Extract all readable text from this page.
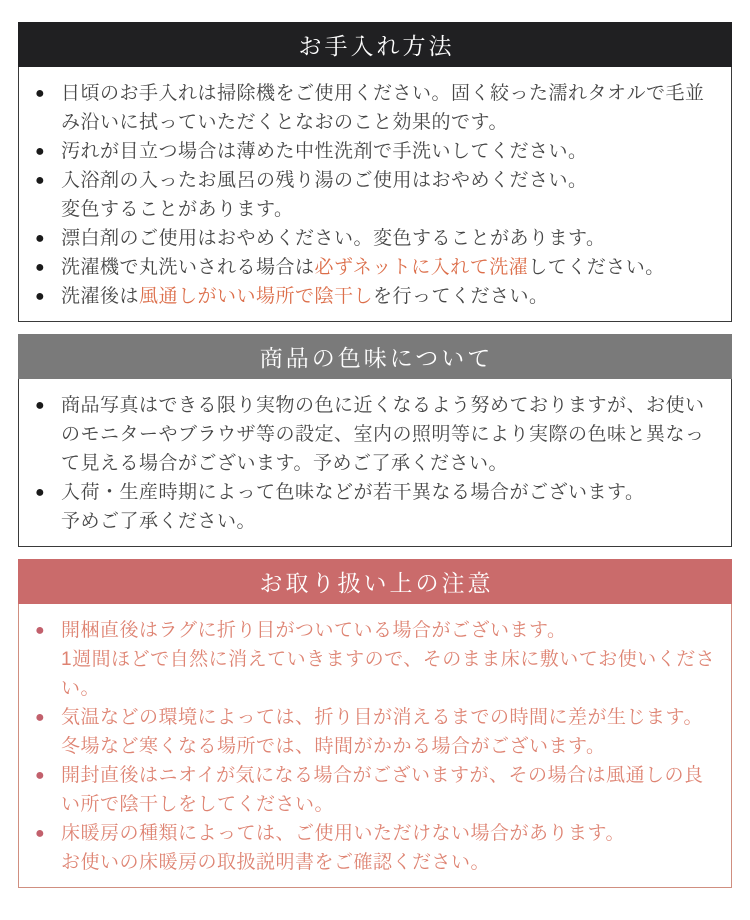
お手入れ方法
● 日頃のお手入れは掃除機をご使用ください。固く絞った濡れタオルで毛並み沿いに拭っていただくとなおのこと効果的です。
● 汚れが目立つ場合は薄めた中性洗剤で手洗いしてください。
● 入浴剤の入ったお風呂の残り湯のご使用はおやめください。
変色することがあります。
● 漂白剤のご使用はおやめください。変色することがあります。
● 洗濯機で丸洗いされる場合は必ずネットに入れて洗濯してください。
● 洗濯後は風通しがいい場所で陰干しを行ってください。
商品の色味について
● 商品写真はできる限り実物の色に近くなるよう努めておりますが、お使いのモニターやブラウザ等の設定、室内の照明等により実際の色味と異なって見える場合がございます。予めご了承ください。
● 入荷・生産時期によって色味などが若干異なる場合がございます。
予めご了承ください。
お取り扱い上の注意
● 開梱直後はラグに折り目がついている場合がございます。
1週間ほどで自然に消えていきますので、そのまま床に敷いてお使いください。
● 気温などの環境によっては、折り目が消えるまでの時間に差が生じます。
冬場など寒くなる場所では、時間がかかる場合がございます。
● 開封直後はニオイが気になる場合がございますが、その場合は風通しの良い所で陰干しをしてください。
● 床暖房の種類によっては、ご使用いただけない場合があります。
お使いの床暖房の取扱説明書をご確認ください。
